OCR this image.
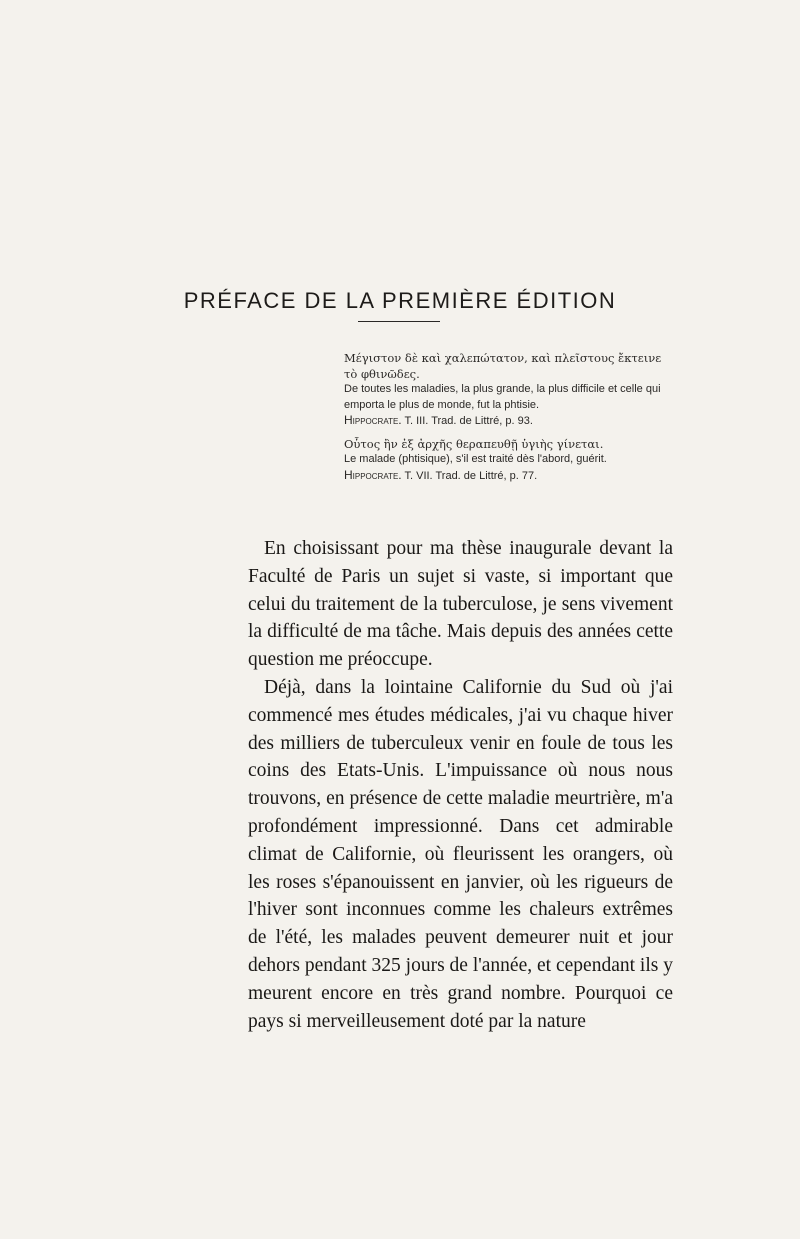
PRÉFACE DE LA PREMIÈRE ÉDITION
Μέγιστον δὲ καὶ χαλεπώτατον, καὶ πλεῖστους ἔκτεινε τὸ φθινῶδες.
De toutes les maladies, la plus grande, la plus difficile et celle qui emporta le plus de monde, fut la phtisie.
Hippocrate. T. III. Trad. de Littré, p. 93.
Οὗτος ἢν ἐξ ἀρχῆς θεραπευθῇ ὑγιὴς γίνεται.
Le malade (phtisique), s'il est traité dès l'abord, guérit.
Hippocrate. T. VII. Trad. de Littré, p. 77.

En choisissant pour ma thèse inaugurale devant la Faculté de Paris un sujet si vaste, si important que celui du traitement de la tuberculose, je sens vivement la difficulté de ma tâche. Mais depuis des années cette question me préoccupe.

Déjà, dans la lointaine Californie du Sud où j'ai commencé mes études médicales, j'ai vu chaque hiver des milliers de tuberculeux venir en foule de tous les coins des Etats-Unis. L'impuissance où nous nous trouvons, en présence de cette maladie meurtrière, m'a profondément impressionné. Dans cet admirable climat de Californie, où fleurissent les orangers, où les roses s'épanouissent en janvier, où les rigueurs de l'hiver sont inconnues comme les chaleurs extrêmes de l'été, les malades peuvent demeurer nuit et jour dehors pendant 325 jours de l'année, et cependant ils y meurent encore en très grand nombre. Pourquoi ce pays si merveilleusement doté par la nature
